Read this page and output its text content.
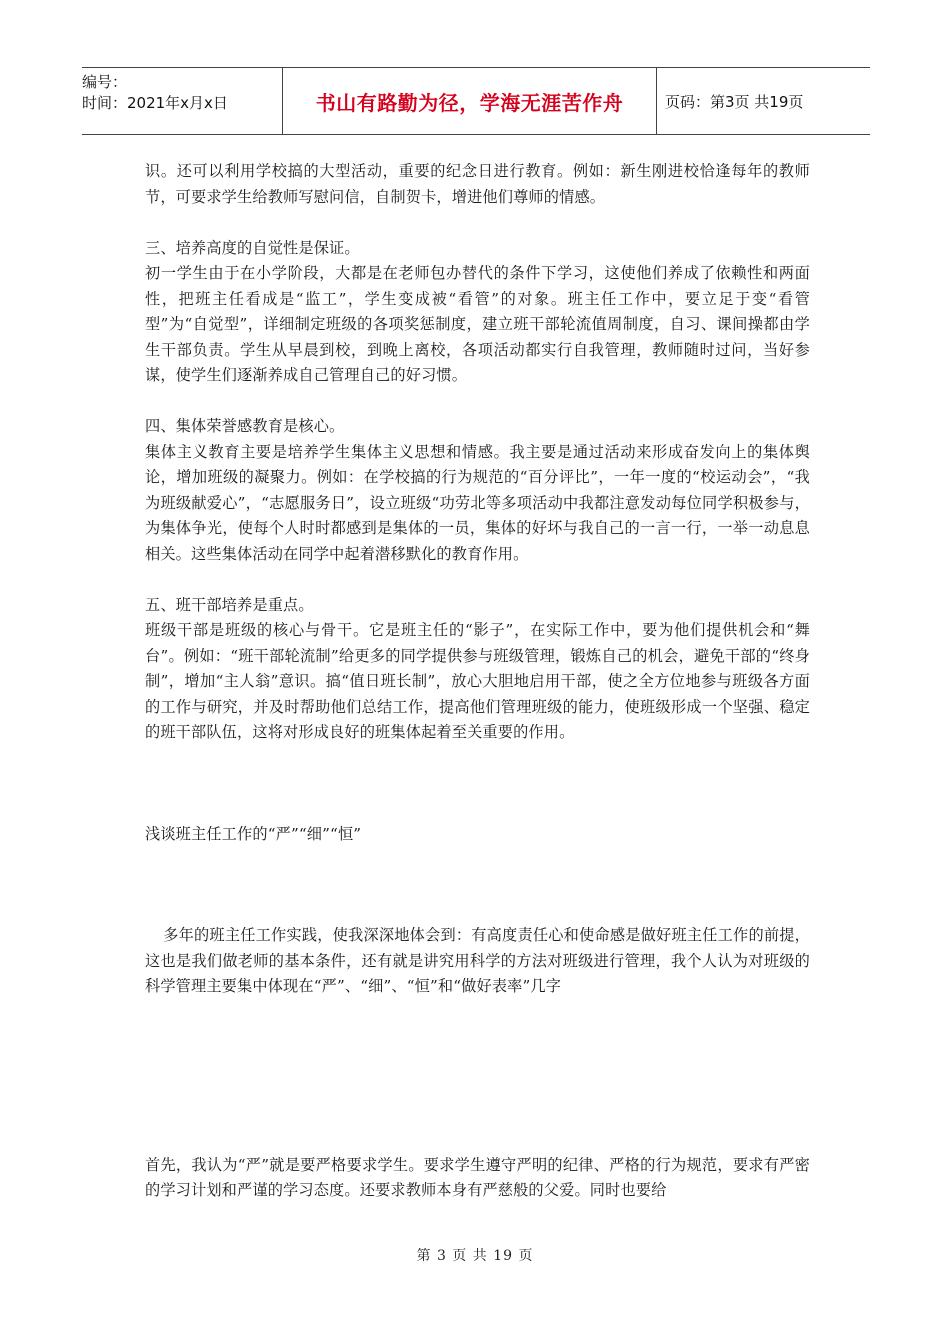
编号：
时间：2021年x月x日	书山有路勤为径，学海无涯苦作舟	页码：第3页 共19页

识。还可以利用学校搞的大型活动，重要的纪念日进行教育。例如：新生刚进校恰逢每年的教师节，可要求学生给教师写慰问信，自制贺卡，增进他们尊师的情感。

三、培养高度的自觉性是保证。

初一学生由于在小学阶段，大都是在老师包办替代的条件下学习，这使他们养成了依赖性和两面性，把班主任看成是“监工”，学生变成被“看管”的对象。班主任工作中，要立足于变“看管型”为“自觉型”，详细制定班级的各项奖惩制度，建立班干部轮流值周制度，自习、课间操都由学生干部负责。学生从早晨到校，到晚上离校，各项活动都实行自我管理，教师随时过问，当好参谋，使学生们逐渐养成自己管理自己的好习惯。

四、集体荣誉感教育是核心。

集体主义教育主要是培养学生集体主义思想和情感。我主要是通过活动来形成奋发向上的集体舆论，增加班级的凝聚力。例如：在学校搞的行为规范的“百分评比”，一年一度的“校运动会”，“我为班级献爱心”，“志愿服务日”，设立班级“功劳北等多项活动中我都注意发动每位同学积极参与，为集体争光，使每个人时时都感到是集体的一员，集体的好坏与我自己的一言一行，一举一动息息相关。这些集体活动在同学中起着潜移默化的教育作用。

五、班干部培养是重点。

班级干部是班级的核心与骨干。它是班主任的“影子”，在实际工作中，要为他们提供机会和“舞台”。例如：“班干部轮流制”给更多的同学提供参与班级管理，锻炼自己的机会，避免干部的“终身制”，增加“主人翁”意识。搞“值日班长制”，放心大胆地启用干部，使之全方位地参与班级各方面的工作与研究，并及时帮助他们总结工作，提高他们管理班级的能力，使班级形成一个坚强、稳定的班干部队伍，这将对形成良好的班集体起着至关重要的作用。

浅谈班主任工作的“严”“细”“恒”

多年的班主任工作实践，使我深深地体会到：有高度责任心和使命感是做好班主任工作的前提，这也是我们做老师的基本条件，还有就是讲究用科学的方法对班级进行管理，我个人认为对班级的科学管理主要集中体现在“严”、“细”、“恒”和“做好表率”几字

首先，我认为“严”就是要严格要求学生。要求学生遵守严明的纪律、严格的行为规范，要求有严密的学习计划和严谨的学习态度。还要求教师本身有严慈般的父爱。同时也要给

第 3 页 共 19 页
